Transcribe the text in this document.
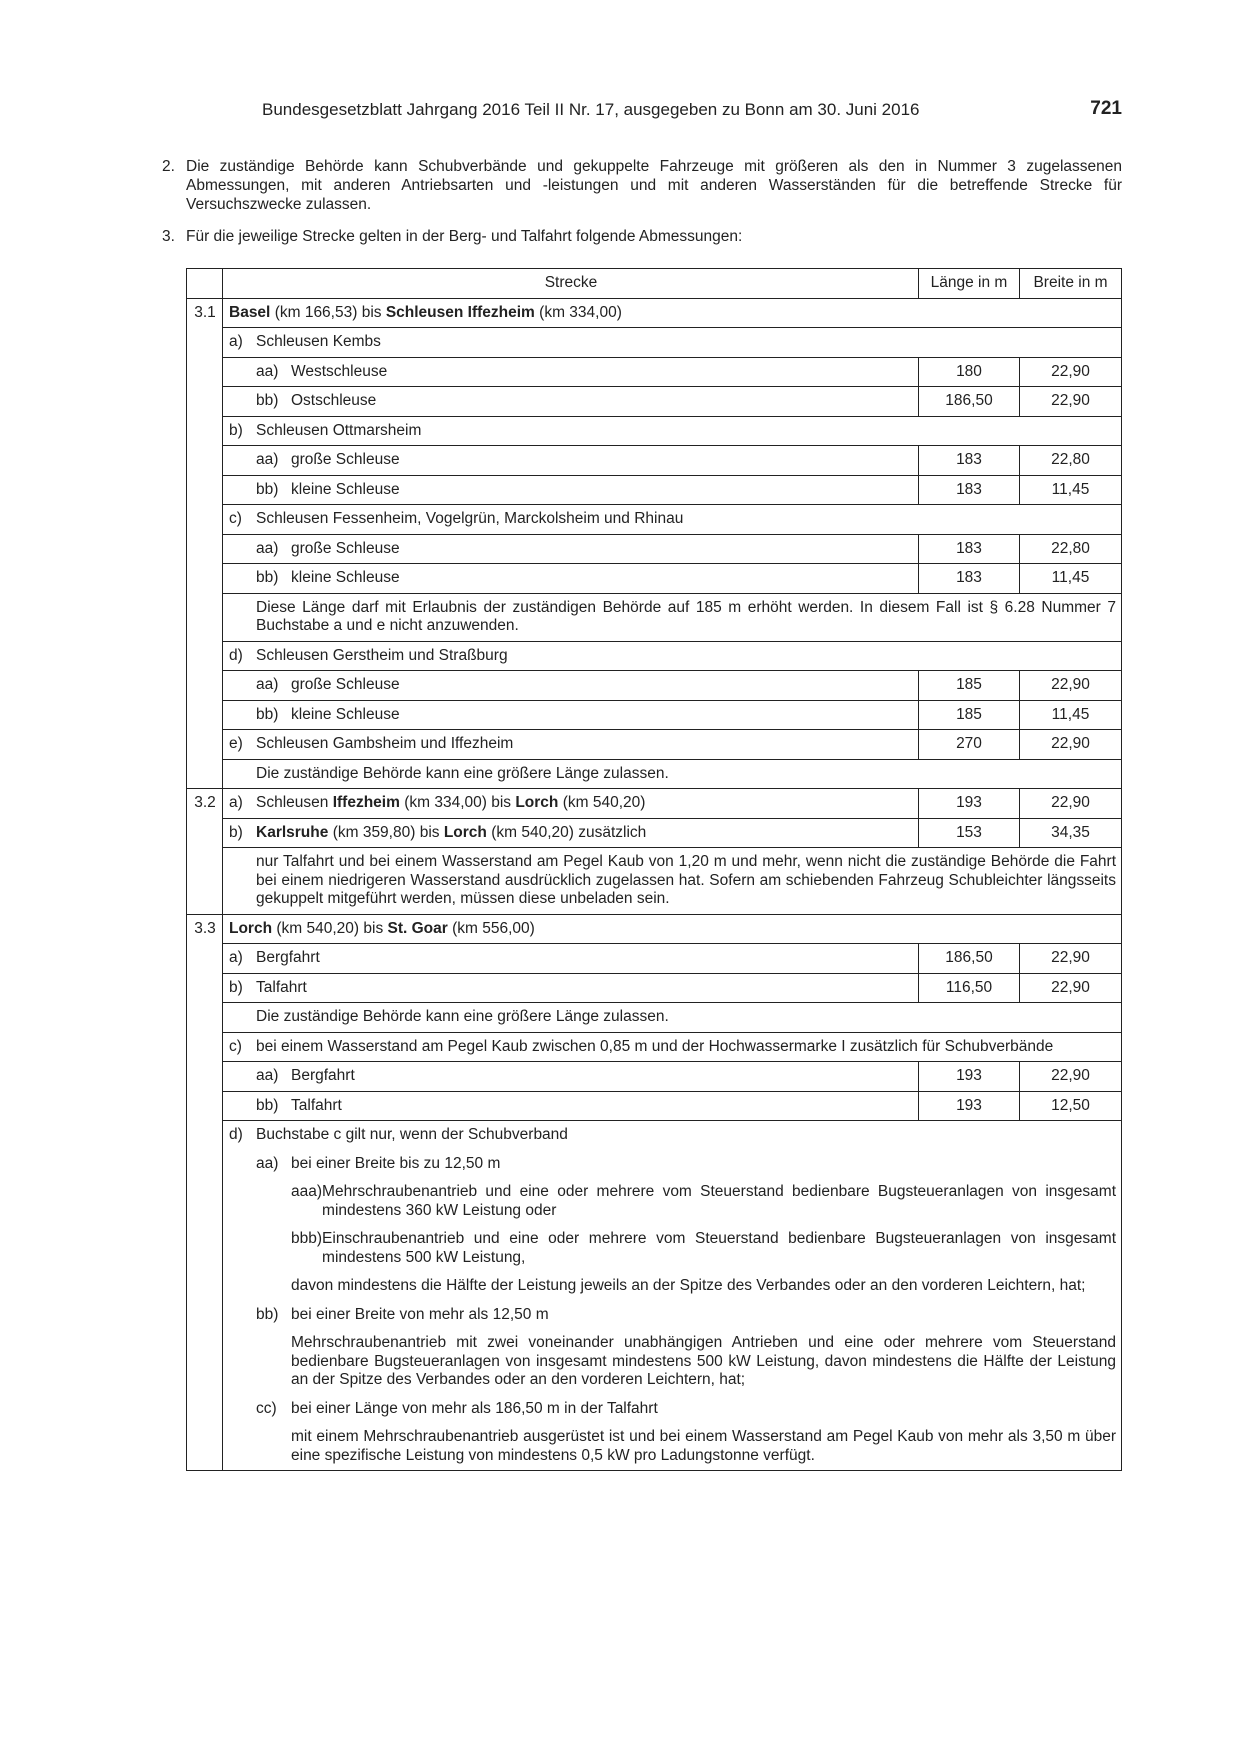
Bundesgesetzblatt Jahrgang 2016 Teil II Nr. 17, ausgegeben zu Bonn am 30. Juni 2016	721
2. Die zuständige Behörde kann Schubverbände und gekuppelte Fahrzeuge mit größeren als den in Nummer 3 zugelassenen Abmessungen, mit anderen Antriebsarten und -leistungen und mit anderen Wasserständen für die betreffende Strecke für Versuchszwecke zulassen.
3. Für die jeweilige Strecke gelten in der Berg- und Talfahrt folgende Abmessungen:

	Strecke	Länge in m	Breite in m

3.1	Basel (km 166,53) bis Schleusen Iffezheim (km 334,00)		

	a) Schleusen Kembs		

	aa) Westschleuse	180	22,90

	bb) Ostschleuse	186,50	22,90

	b) Schleusen Ottmarsheim		

	aa) große Schleuse	183	22,80

	bb) kleine Schleuse	183	11,45

	c) Schleusen Fessenheim, Vogelgrün, Marckolsheim und Rhinau		

	aa) große Schleuse	183	22,80

	bb) kleine Schleuse	183	11,45

	Diese Länge darf mit Erlaubnis der zuständigen Behörde auf 185 m erhöht werden. In diesem Fall ist § 6.28 Nummer 7 Buchstabe a und e nicht anzuwenden.		

	d) Schleusen Gerstheim und Straßburg		

	aa) große Schleuse	185	22,90

	bb) kleine Schleuse	185	11,45

	e) Schleusen Gambsheim und Iffezheim	270	22,90

	Die zuständige Behörde kann eine größere Länge zulassen.		

3.2	a) Schleusen Iffezheim (km 334,00) bis Lorch (km 540,20)	193	22,90

	b) Karlsruhe (km 359,80) bis Lorch (km 540,20) zusätzlich	153	34,35

	nur Talfahrt und bei einem Wasserstand am Pegel Kaub von 1,20 m und mehr, wenn nicht die zuständige Behörde die Fahrt bei einem niedrigeren Wasserstand ausdrücklich zugelassen hat. Sofern am schiebenden Fahrzeug Schubleichter längsseits gekuppelt mitgeführt werden, müssen diese unbeladen sein.		

3.3	Lorch (km 540,20) bis St. Goar (km 556,00)		

	a) Bergfahrt	186,50	22,90

	b) Talfahrt	116,50	22,90

	Die zuständige Behörde kann eine größere Länge zulassen.		

	c) bei einem Wasserstand am Pegel Kaub zwischen 0,85 m und der Hochwassermarke I zusätzlich für Schubverbände		

	aa) Bergfahrt	193	22,90

	bb) Talfahrt	193	12,50

	d) Buchstabe c gilt nur, wenn der Schubverband		

	aa) bei einer Breite bis zu 12,50 m		

	aaa) Mehrschraubenantrieb und eine oder mehrere vom Steuerstand bedienbare Bugsteueranlagen von insgesamt mindestens 360 kW Leistung oder		

	bbb) Einschraubenantrieb und eine oder mehrere vom Steuerstand bedienbare Bugsteueranlagen von insgesamt mindestens 500 kW Leistung,		

	davon mindestens die Hälfte der Leistung jeweils an der Spitze des Verbandes oder an den vorderen Leichtern, hat;		

	bb) bei einer Breite von mehr als 12,50 m		

	Mehrschraubenantrieb mit zwei voneinander unabhängigen Antrieben und eine oder mehrere vom Steuerstand bedienbare Bugsteueranlagen von insgesamt mindestens 500 kW Leistung, davon mindestens die Hälfte der Leistung an der Spitze des Verbandes oder an den vorderen Leichtern, hat;		

	cc) bei einer Länge von mehr als 186,50 m in der Talfahrt		

	mit einem Mehrschraubenantrieb ausgerüstet ist und bei einem Wasserstand am Pegel Kaub von mehr als 3,50 m über eine spezifische Leistung von mindestens 0,5 kW pro Ladungstonne verfügt.		
